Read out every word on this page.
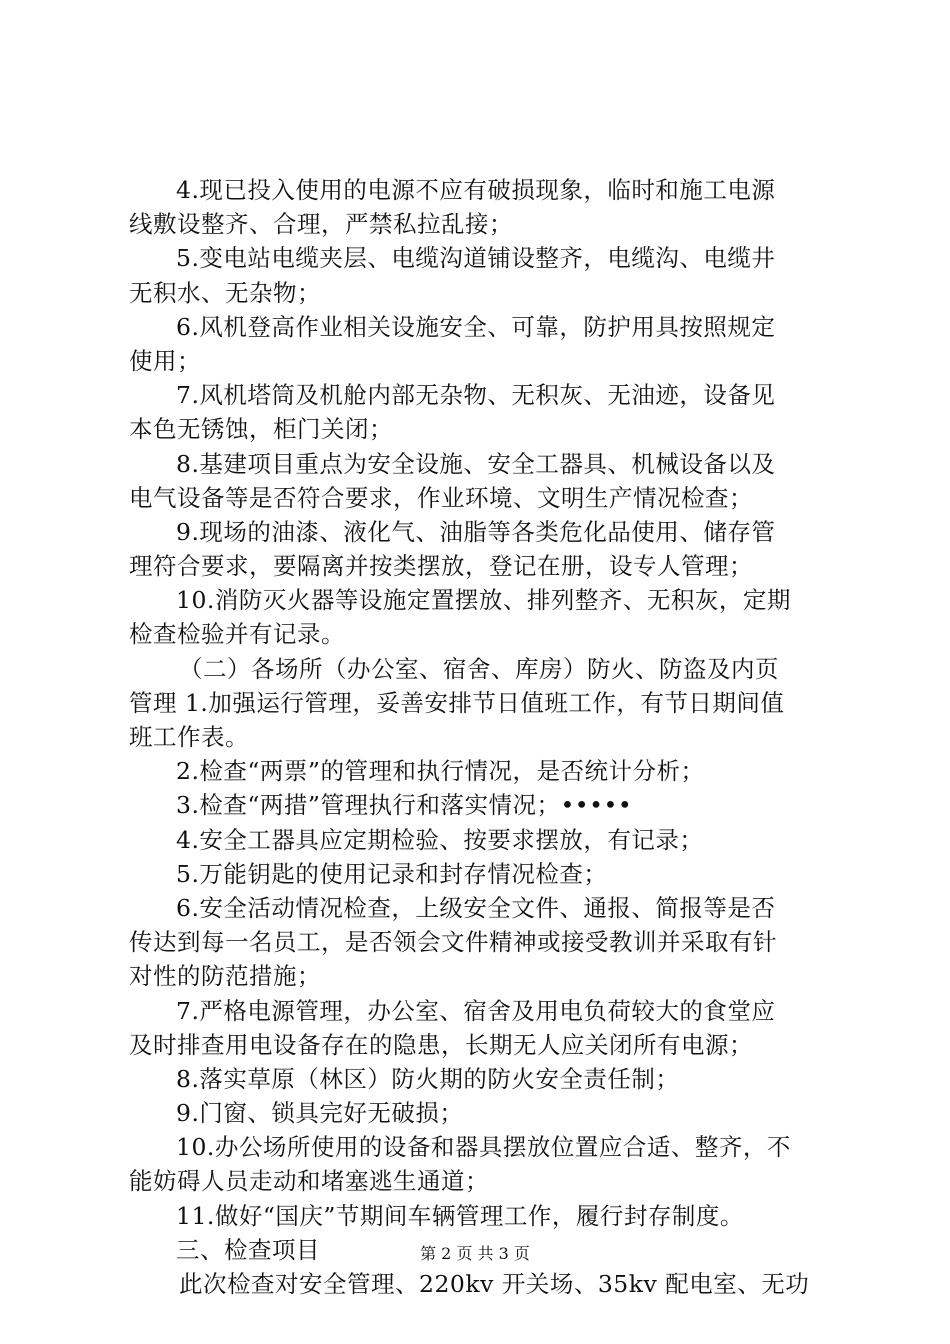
4.现已投入使用的电源不应有破损现象，临时和施工电源
线敷设整齐、合理，严禁私拉乱接；
5.变电站电缆夹层、电缆沟道铺设整齐，电缆沟、电缆井
无积水、无杂物；
6.风机登高作业相关设施安全、可靠，防护用具按照规定
使用；
7.风机塔筒及机舱内部无杂物、无积灰、无油迹，设备见
本色无锈蚀，柜门关闭；
8.基建项目重点为安全设施、安全工器具、机械设备以及
电气设备等是否符合要求，作业环境、文明生产情况检查；
9.现场的油漆、液化气、油脂等各类危化品使用、储存管
理符合要求，要隔离并按类摆放，登记在册，设专人管理；
10.消防灭火器等设施定置摆放、排列整齐、无积灰，定期
检查检验并有记录。
（二）各场所（办公室、宿舍、库房）防火、防盗及内页
管理 1.加强运行管理，妥善安排节日值班工作，有节日期间值
班工作表。
2.检查“两票”的管理和执行情况，是否统计分析；
3.检查“两措”管理执行和落实情况；•••••
4.安全工器具应定期检验、按要求摆放，有记录；
5.万能钥匙的使用记录和封存情况检查；
6.安全活动情况检查，上级安全文件、通报、简报等是否
传达到每一名员工，是否领会文件精神或接受教训并采取有针
对性的防范措施；
7.严格电源管理，办公室、宿舍及用电负荷较大的食堂应
及时排查用电设备存在的隐患，长期无人应关闭所有电源；
8.落实草原（林区）防火期的防火安全责任制；
9.门窗、锁具完好无破损；
10.办公场所使用的设备和器具摆放位置应合适、整齐，不
能妨碍人员走动和堵塞逃生通道；
11.做好“国庆”节期间车辆管理工作，履行封存制度。
三、检查项目
此次检查对安全管理、220kv 开关场、35kv 配电室、无功
第 2 页 共 3 页
